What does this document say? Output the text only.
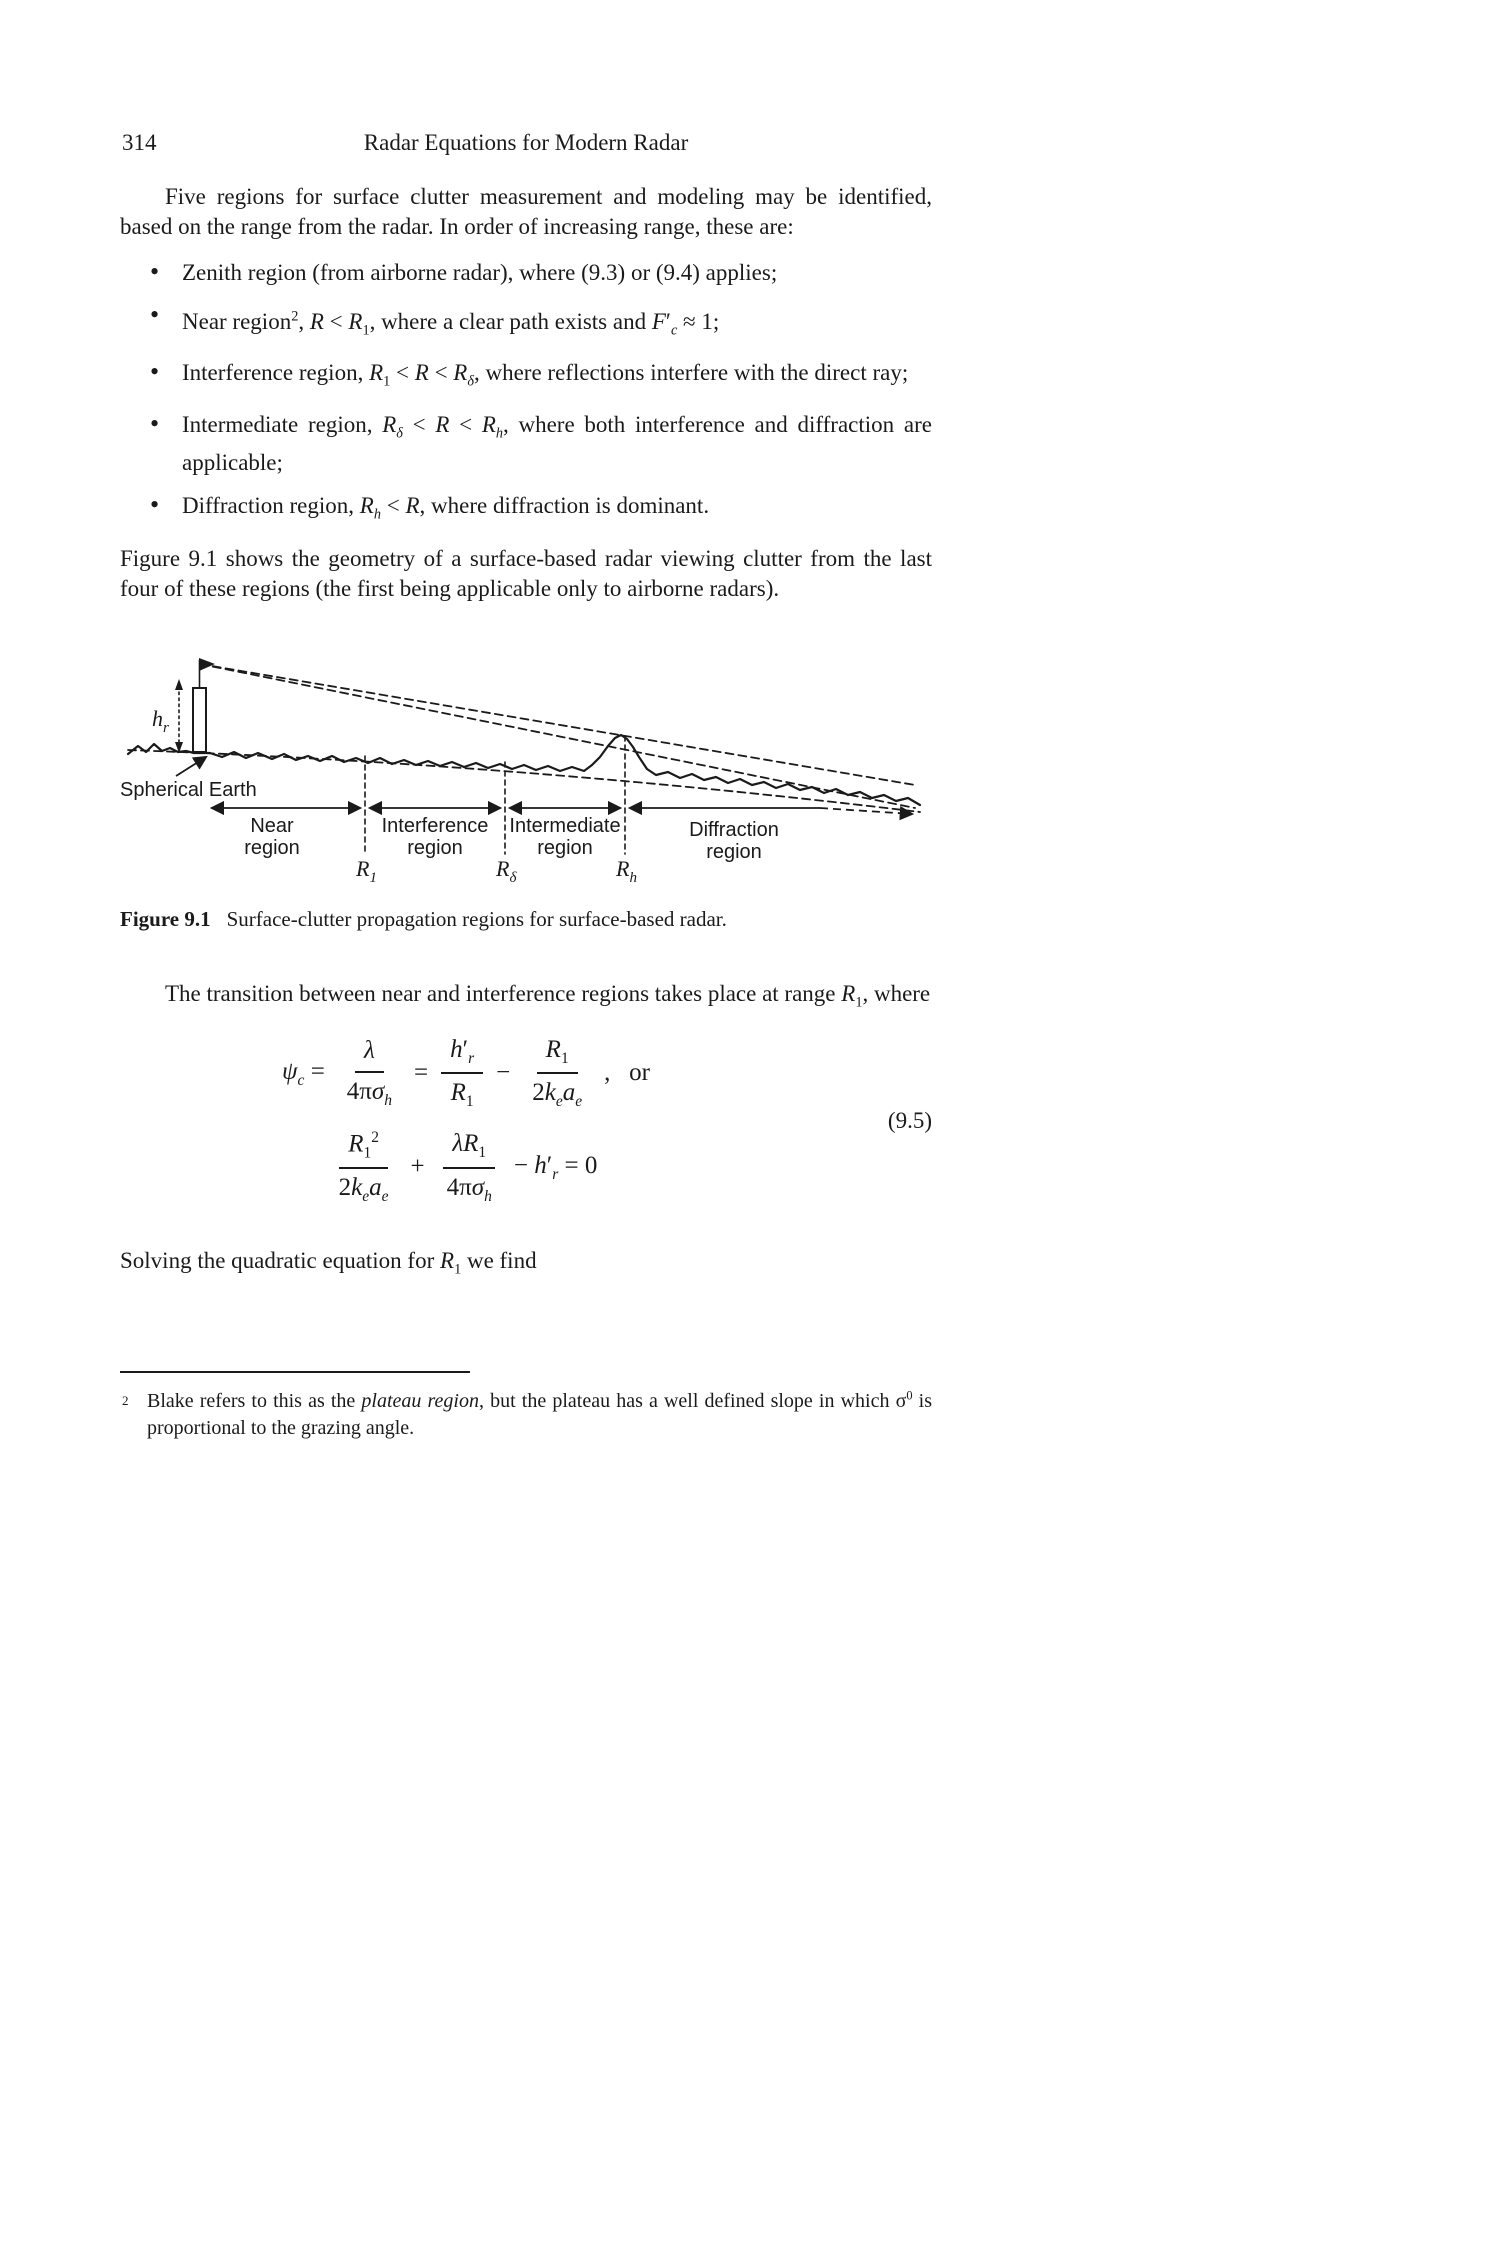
314	Radar Equations for Modern Radar

Five regions for surface clutter measurement and modeling may be identified, based on the range from the radar. In order of increasing range, these are:

• Zenith region (from airborne radar), where (9.3) or (9.4) applies;
• Near region$^2$, $R < R_1$, where a clear path exists and $F'_c \approx 1$;
• Interference region, $R_1 < R < R_\delta$, where reflections interfere with the direct ray;
• Intermediate region, $R_\delta < R < R_h$, where both interference and diffraction are applicable;
• Diffraction region, $R_h < R$, where diffraction is dominant.

Figure 9.1 shows the geometry of a surface-based radar viewing clutter from the last four of these regions (the first being applicable only to airborne radars).

$h_r$
Spherical Earth
Near
region
Interference
region
Intermediate
region
Diffraction
region
$R_1$	$R_\delta$	$R_h$

Figure 9.1 Surface-clutter propagation regions for surface-based radar.

The transition between near and interference regions takes place at range $R_1$, where

$\psi_c = \frac{\lambda}{4\pi\sigma_h} = \frac{h'_r}{R_1} - \frac{R_1}{2k_ea_e}$ ,   or
$\frac{R_1^2}{2k_ea_e} + \frac{\lambda R_1}{4\pi\sigma_h} - h'_r = 0$
(9.5)

Solving the quadratic equation for $R_1$ we find

2 Blake refers to this as the plateau region, but the plateau has a well defined slope in which $\sigma^0$ is proportional to the grazing angle.
